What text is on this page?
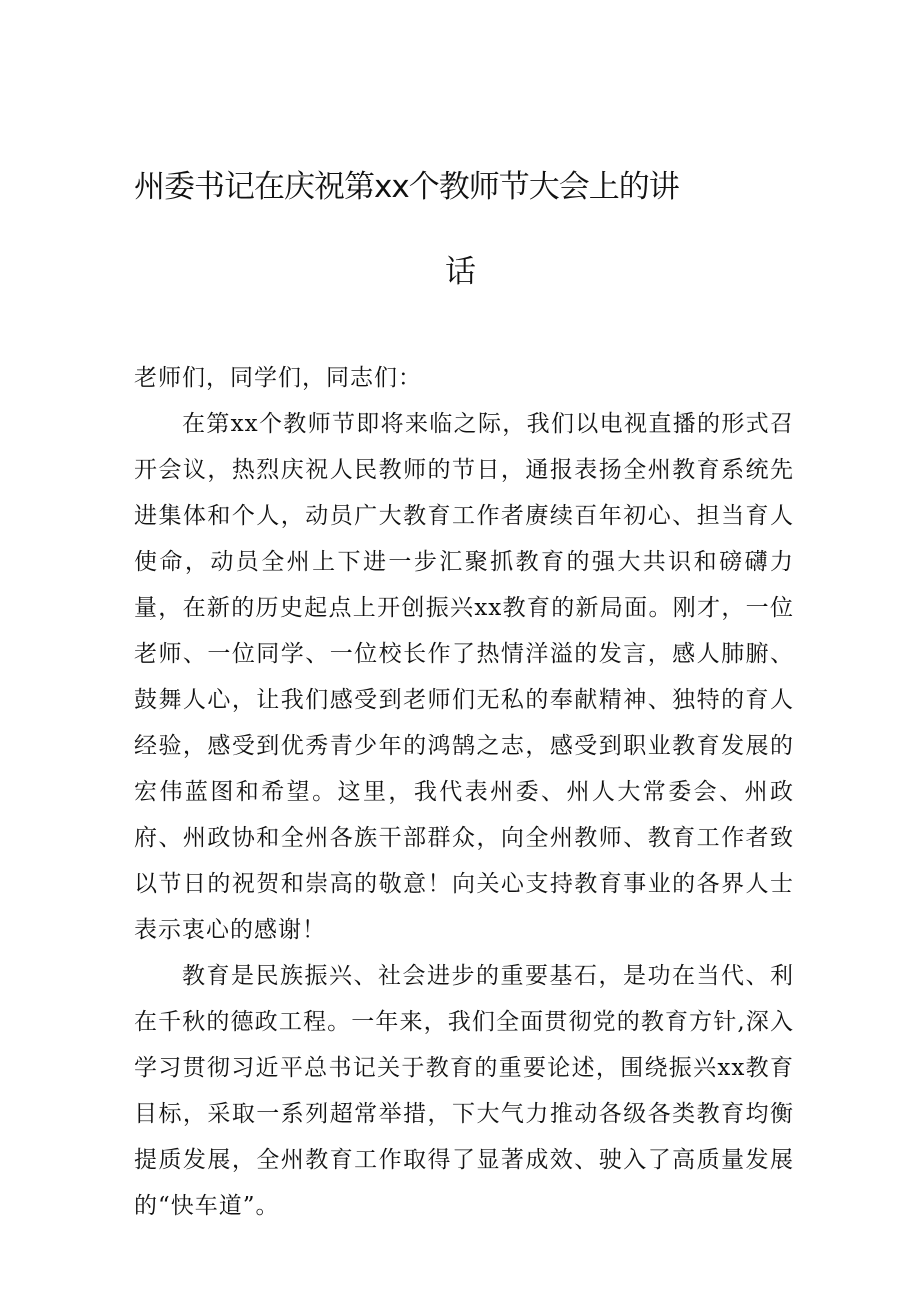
州委书记在庆祝第xx个教师节大会上的讲
话

老师们，同学们，同志们：

在第xx个教师节即将来临之际，我们以电视直播的形式召开会议，热烈庆祝人民教师的节日，通报表扬全州教育系统先进集体和个人，动员广大教育工作者赓续百年初心、担当育人使命，动员全州上下进一步汇聚抓教育的强大共识和磅礴力量，在新的历史起点上开创振兴xx教育的新局面。刚才，一位老师、一位同学、一位校长作了热情洋溢的发言，感人肺腑、鼓舞人心，让我们感受到老师们无私的奉献精神、独特的育人经验，感受到优秀青少年的鸿鹄之志，感受到职业教育发展的宏伟蓝图和希望。这里，我代表州委、州人大常委会、州政府、州政协和全州各族干部群众，向全州教师、教育工作者致以节日的祝贺和崇高的敬意！向关心支持教育事业的各界人士表示衷心的感谢！

教育是民族振兴、社会进步的重要基石，是功在当代、利在千秋的德政工程。一年来，我们全面贯彻党的教育方针,深入学习贯彻习近平总书记关于教育的重要论述，围绕振兴xx教育目标，采取一系列超常举措，下大气力推动各级各类教育均衡提质发展，全州教育工作取得了显著成效、驶入了高质量发展的“快车道”。
